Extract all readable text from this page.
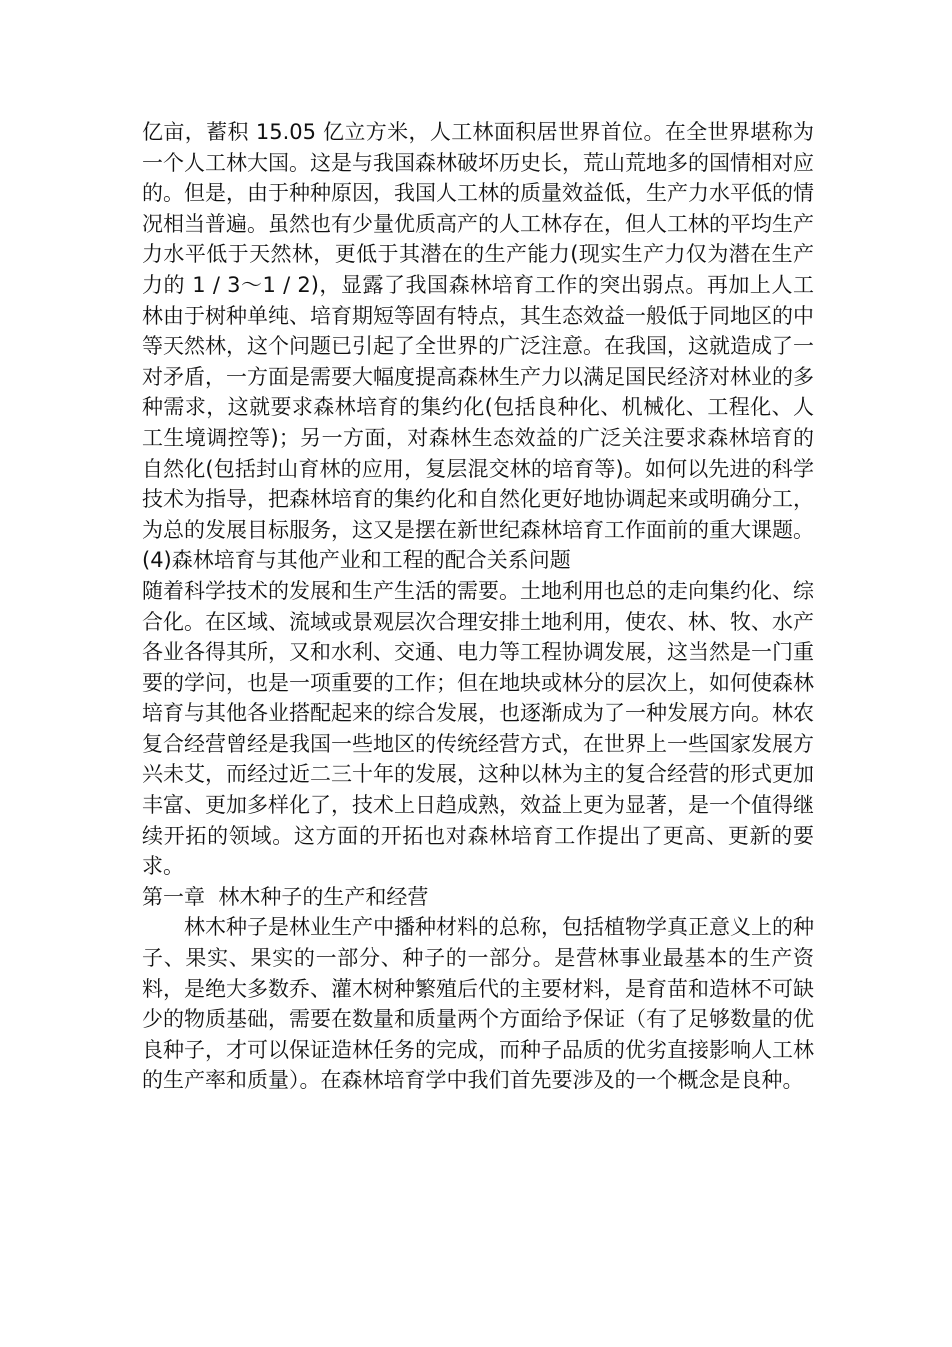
亿亩，蓄积 15.05 亿立方米，人工林面积居世界首位。在全世界堪称为一个人工林大国。这是与我国森林破坏历史长，荒山荒地多的国情相对应的。但是，由于种种原因，我国人工林的质量效益低，生产力水平低的情况相当普遍。虽然也有少量优质高产的人工林存在，但人工林的平均生产力水平低于天然林，更低于其潜在的生产能力(现实生产力仅为潜在生产力的 1 / 3～1 / 2)，显露了我国森林培育工作的突出弱点。再加上人工林由于树种单纯、培育期短等固有特点，其生态效益一般低于同地区的中等天然林，这个问题已引起了全世界的广泛注意。在我国，这就造成了一对矛盾，一方面是需要大幅度提高森林生产力以满足国民经济对林业的多种需求，这就要求森林培育的集约化(包括良种化、机械化、工程化、人工生境调控等)；另一方面，对森林生态效益的广泛关注要求森林培育的自然化(包括封山育林的应用，复层混交林的培育等)。如何以先进的科学技术为指导，把森林培育的集约化和自然化更好地协调起来或明确分工，为总的发展目标服务，这又是摆在新世纪森林培育工作面前的重大课题。

(4)森林培育与其他产业和工程的配合关系问题

随着科学技术的发展和生产生活的需要。土地利用也总的走向集约化、综合化。在区域、流域或景观层次合理安排土地利用，使农、林、牧、水产各业各得其所，又和水利、交通、电力等工程协调发展，这当然是一门重要的学问，也是一项重要的工作；但在地块或林分的层次上，如何使森林培育与其他各业搭配起来的综合发展，也逐渐成为了一种发展方向。林农复合经营曾经是我国一些地区的传统经营方式，在世界上一些国家发展方兴未艾，而经过近二三十年的发展，这种以林为主的复合经营的形式更加丰富、更加多样化了，技术上日趋成熟，效益上更为显著，是一个值得继续开拓的领域。这方面的开拓也对森林培育工作提出了更高、更新的要求。

第一章  林木种子的生产和经营

林木种子是林业生产中播种材料的总称，包括植物学真正意义上的种子、果实、果实的一部分、种子的一部分。是营林事业最基本的生产资料，是绝大多数乔、灌木树种繁殖后代的主要材料，是育苗和造林不可缺少的物质基础，需要在数量和质量两个方面给予保证（有了足够数量的优良种子，才可以保证造林任务的完成，而种子品质的优劣直接影响人工林的生产率和质量）。在森林培育学中我们首先要涉及的一个概念是良种。
